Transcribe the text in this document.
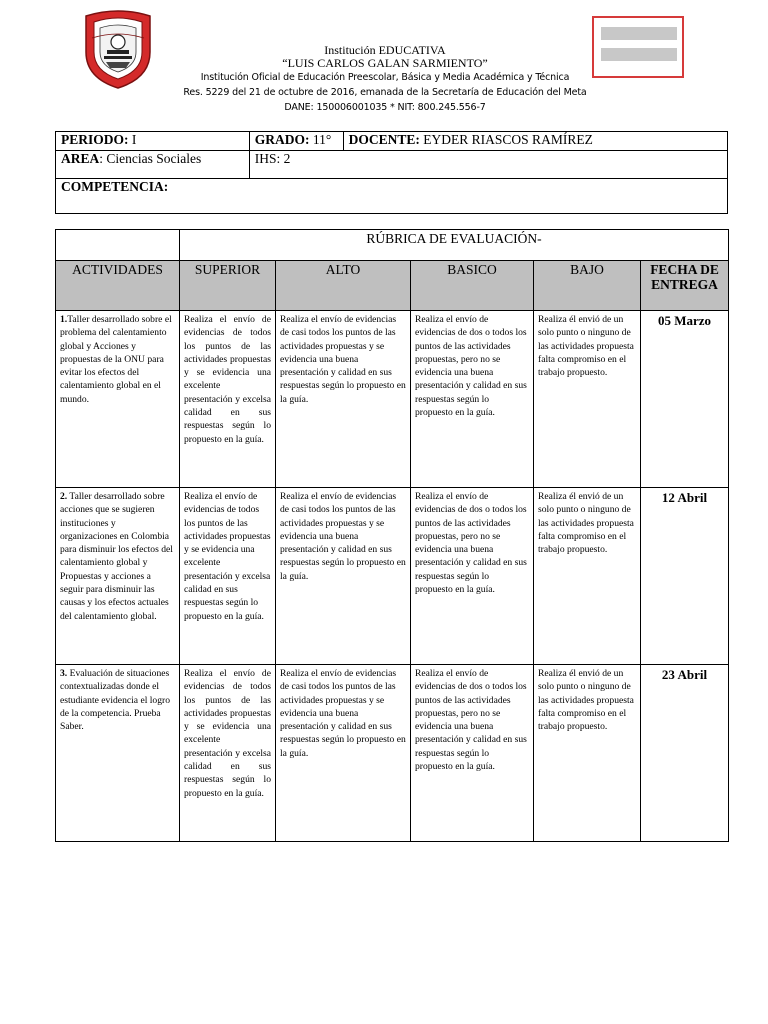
Institución EDUCATIVA
“LUIS CARLOS GALAN SARMIENTO”
Institución Oficial de Educación Preescolar, Básica y Media Académica y Técnica
Res. 5229 del 21 de octubre de 2016, emanada de la Secretaría de Educación del Meta
DANE: 150006001035 * NIT: 800.245.556-7
PERIODO: I	GRADO: 11°	DOCENTE: EYDER RIASCOS RAMÍREZ
AREA: Ciencias Sociales	IHS: 2	
COMPETENCIA:		
	RÚBRICA DE EVALUACIÓN-				
ACTIVIDADES	SUPERIOR	ALTO	BASICO	BAJO	FECHA DE ENTREGA
1.Taller desarrollado sobre el problema del calentamiento global y Acciones y propuestas de la ONU para evitar los efectos del calentamiento global en el mundo.	Realiza el envío de evidencias de todos los puntos de las actividades propuestas y se evidencia una excelente presentación y excelsa calidad en sus respuestas según lo propuesto en la guía.	Realiza el envío de evidencias de casi todos los puntos de las actividades propuestas y se evidencia una buena presentación y calidad en sus respuestas según lo propuesto en la guía.	Realiza el envío de evidencias de dos o todos los puntos de las actividades propuestas, pero no se evidencia una buena presentación y calidad en sus respuestas según lo propuesto en la guía.	Realiza él envió de un solo punto o ninguno de las actividades propuesta falta compromiso en el trabajo propuesto.	05 Marzo
2. Taller desarrollado sobre acciones que se sugieren instituciones y organizaciones en Colombia para disminuir los efectos del calentamiento global y Propuestas y acciones a seguir para disminuir las causas y los efectos actuales del calentamiento global.	Realiza el envío de evidencias de todos los puntos de las actividades propuestas y se evidencia una excelente presentación y excelsa calidad en sus respuestas según lo propuesto en la guía.	Realiza el envío de evidencias de casi todos los puntos de las actividades propuestas y se evidencia una buena presentación y calidad en sus respuestas según lo propuesto en la guía.	Realiza el envío de evidencias de dos o todos los puntos de las actividades propuestas, pero no se evidencia una buena presentación y calidad en sus respuestas según lo propuesto en la guía.	Realiza él envió de un solo punto o ninguno de las actividades propuesta falta compromiso en el trabajo propuesto.	12 Abril
3. Evaluación de situaciones contextualizadas donde el estudiante evidencia el logro de la competencia. Prueba Saber.	Realiza el envío de evidencias de todos los puntos de las actividades propuestas y se evidencia una excelente presentación y excelsa calidad en sus respuestas según lo propuesto en la guía.	Realiza el envío de evidencias de casi todos los puntos de las actividades propuestas y se evidencia una buena presentación y calidad en sus respuestas según lo propuesto en la guía.	Realiza el envío de evidencias de dos o todos los puntos de las actividades propuestas, pero no se evidencia una buena presentación y calidad en sus respuestas según lo propuesto en la guía.	Realiza él envió de un solo punto o ninguno de las actividades propuesta falta compromiso en el trabajo propuesto.	23 Abril
